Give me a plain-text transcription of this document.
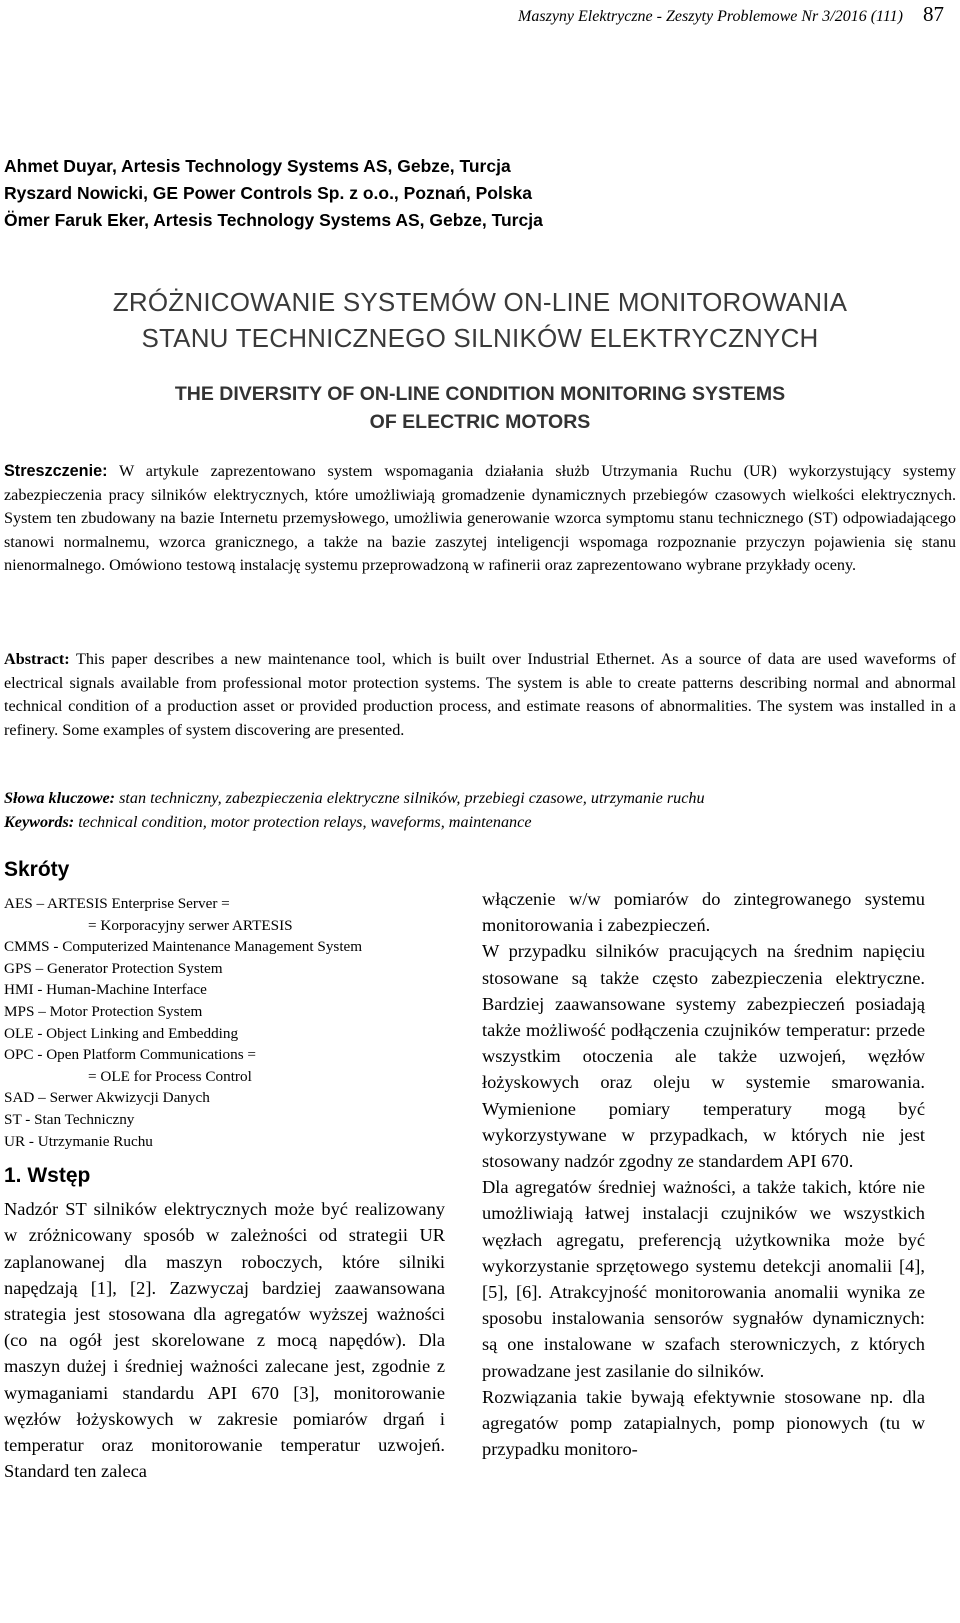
Maszyny Elektryczne - Zeszyty Problemowe Nr 3/2016 (111) 87
Ahmet Duyar, Artesis Technology Systems AS, Gebze, Turcja
Ryszard Nowicki, GE Power Controls Sp. z o.o., Poznań, Polska
Ömer Faruk Eker, Artesis Technology Systems AS, Gebze, Turcja
ZRÓŻNICOWANIE SYSTEMÓW ON-LINE MONITOROWANIA
STANU TECHNICZNEGO SILNIKÓW ELEKTRYCZNYCH
THE DIVERSITY OF ON-LINE CONDITION MONITORING SYSTEMS
OF ELECTRIC MOTORS
Streszczenie: W artykule zaprezentowano system wspomagania działania służb Utrzymania Ruchu (UR) wykorzystujący systemy zabezpieczenia pracy silników elektrycznych, które umożliwiają gromadzenie dynamicznych przebiegów czasowych wielkości elektrycznych. System ten zbudowany na bazie Internetu przemysłowego, umożliwia generowanie wzorca symptomu stanu technicznego (ST) odpowiadającego stanowi normalnemu, wzorca granicznego, a także na bazie zaszytej inteligencji wspomaga rozpoznanie przyczyn pojawienia się stanu nienormalnego. Omówiono testową instalację systemu przeprowadzoną w rafinerii oraz zaprezentowano wybrane przykłady oceny.
Abstract: This paper describes a new maintenance tool, which is built over Industrial Ethernet. As a source of data are used waveforms of electrical signals available from professional motor protection systems. The system is able to create patterns describing normal and abnormal technical condition of a production asset or provided production process, and estimate reasons of abnormalities. The system was installed in a refinery. Some examples of system discovering are presented.
Słowa kluczowe: stan techniczny, zabezpieczenia elektryczne silników, przebiegi czasowe, utrzymanie ruchu
Keywords: technical condition, motor protection relays, waveforms, maintenance
Skróty
AES – ARTESIS Enterprise Server =
= Korporacyjny serwer ARTESIS
CMMS - Computerized Maintenance Management System
GPS – Generator Protection System
HMI - Human-Machine Interface
MPS – Motor Protection System
OLE - Object Linking and Embedding
OPC - Open Platform Communications =
= OLE for Process Control
SAD – Serwer Akwizycji Danych
ST - Stan Techniczny
UR - Utrzymanie Ruchu
1. Wstęp

Nadzór ST silników elektrycznych może być realizowany w zróżnicowany sposób w zależności od strategii UR zaplanowanej dla maszyn roboczych, które silniki napędzają [1], [2]. Zazwyczaj bardziej zaawansowana strategia jest stosowana dla agregatów wyższej ważności (co na ogół jest skorelowane z mocą napędów). Dla maszyn dużej i średniej ważności zalecane jest, zgodnie z wymaganiami standardu API 670 [3], monitorowanie węzłów łożyskowych w zakresie pomiarów drgań i temperatur oraz monitorowanie temperatur uzwojeń. Standard ten zaleca

włączenie w/w pomiarów do zintegrowanego systemu monitorowania i zabezpieczeń.

W przypadku silników pracujących na średnim napięciu stosowane są także często zabezpieczenia elektryczne. Bardziej zaawansowane systemy zabezpieczeń posiadają także możliwość podłączenia czujników temperatur: przede wszystkim otoczenia ale także uzwojeń, węzłów łożyskowych oraz oleju w systemie smarowania. Wymienione pomiary temperatury mogą być wykorzystywane w przypadkach, w których nie jest stosowany nadzór zgodny ze standardem API 670.

Dla agregatów średniej ważności, a także takich, które nie umożliwiają łatwej instalacji czujników we wszystkich węzłach agregatu, preferencją użytkownika może być wykorzystanie sprzętowego systemu detekcji anomalii [4], [5], [6]. Atrakcyjność monitorowania anomalii wynika ze sposobu instalowania sensorów sygnałów dynamicznych: są one instalowane w szafach sterowniczych, z których prowadzane jest zasilanie do silników.

Rozwiązania takie bywają efektywnie stosowane np. dla agregatów pomp zatapialnych, pomp pionowych (tu w przypadku monitoro-
